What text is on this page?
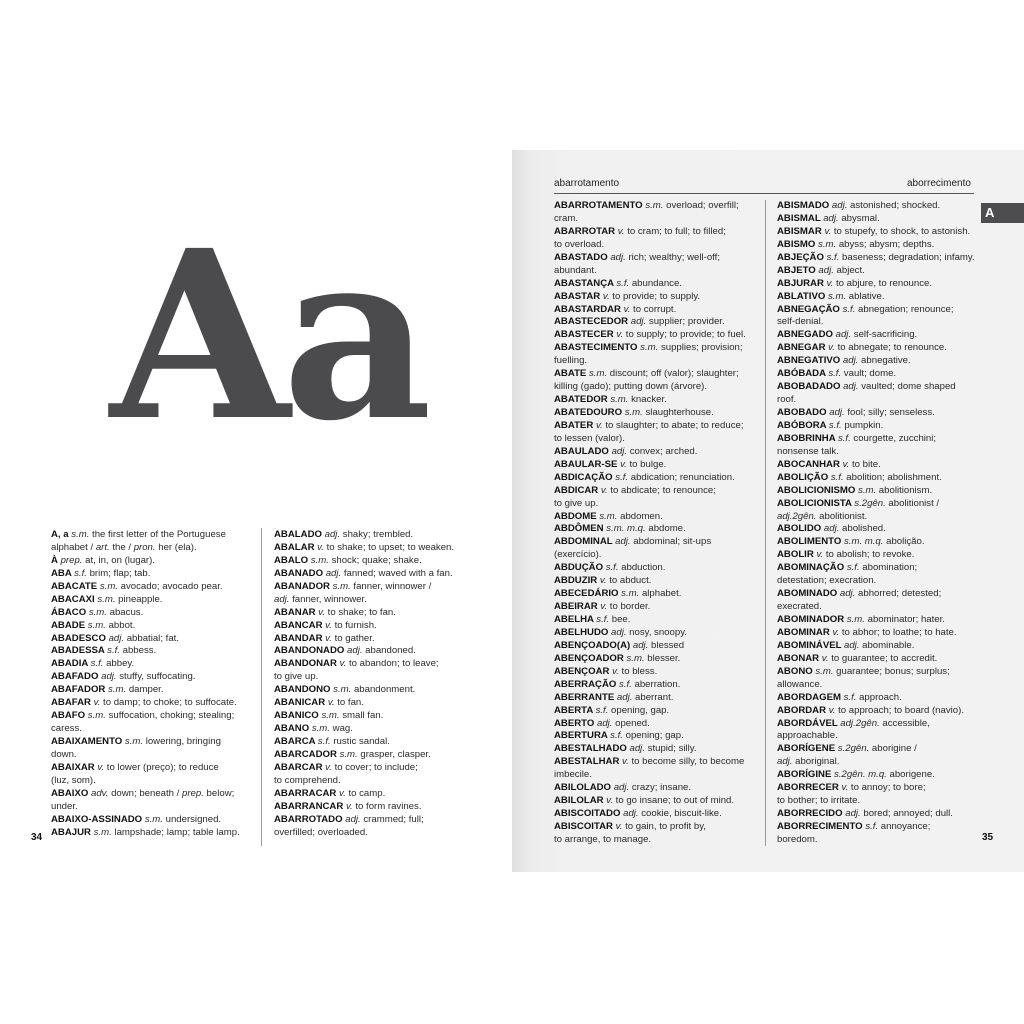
Aa
A, a s.m. the first letter of the Portuguese
alphabet / art. the / pron. her (ela).
À prep. at, in, on (lugar).
ABA s.f. brim; flap; tab.
ABACATE s.m. avocado; avocado pear.
ABACAXI s.m. pineapple.
ÁBACO s.m. abacus.
ABADE s.m. abbot.
ABADESCO adj. abbatial; fat.
ABADESSA s.f. abbess.
ABADIA s.f. abbey.
ABAFADO adj. stuffy, suffocating.
ABAFADOR s.m. damper.
ABAFAR v. to damp; to choke; to suffocate.
ABAFO s.m. suffocation, choking; stealing;
caress.
ABAIXAMENTO s.m. lowering, bringing
down.
ABAIXAR v. to lower (preço); to reduce
(luz, som).
ABAIXO adv. down; beneath / prep. below;
under.
ABAIXO-ASSINADO s.m. undersigned.
ABAJUR s.m. lampshade; lamp; table lamp.
ABALADO adj. shaky; trembled.
ABALAR v. to shake; to upset; to weaken.
ABALO s.m. shock; quake; shake.
ABANADO adj. fanned; waved with a fan.
ABANADOR s.m. fanner, winnower /
adj. fanner, winnower.
ABANAR v. to shake; to fan.
ABANCAR v. to furnish.
ABANDAR v. to gather.
ABANDONADO adj. abandoned.
ABANDONAR v. to abandon; to leave;
to give up.
ABANDONO s.m. abandonment.
ABANICAR v. to fan.
ABANICO s.m. small fan.
ABANO s.m. wag.
ABARCA s.f. rustic sandal.
ABARCADOR s.m. grasper, clasper.
ABARCAR v. to cover; to include;
to comprehend.
ABARRACAR v. to camp.
ABARRANCAR v. to form ravines.
ABARROTADO adj. crammed; full;
overfilled; overloaded.
34
abarrotamento	aborrecimento
A
ABARROTAMENTO s.m. overload; overfill;
cram.
ABARROTAR v. to cram; to full; to filled;
to overload.
ABASTADO adj. rich; wealthy; well-off;
abundant.
ABASTANÇA s.f. abundance.
ABASTAR v. to provide; to supply.
ABASTARDAR v. to corrupt.
ABASTECEDOR adj. supplier; provider.
ABASTECER v. to supply; to provide; to fuel.
ABASTECIMENTO s.m. supplies; provision;
fuelling.
ABATE s.m. discount; off (valor); slaughter;
killing (gado); putting down (árvore).
ABATEDOR s.m. knacker.
ABATEDOURO s.m. slaughterhouse.
ABATER v. to slaughter; to abate; to reduce;
to lessen (valor).
ABAULADO adj. convex; arched.
ABAULAR-SE v. to bulge.
ABDICAÇÃO s.f. abdication; renunciation.
ABDICAR v. to abdicate; to renounce;
to give up.
ABDOME s.m. abdomen.
ABDÔMEN s.m. m.q. abdome.
ABDOMINAL adj. abdominal; sit-ups
(exercício).
ABDUÇÃO s.f. abduction.
ABDUZIR v. to abduct.
ABECEDÁRIO s.m. alphabet.
ABEIRAR v. to border.
ABELHA s.f. bee.
ABELHUDO adj. nosy, snoopy.
ABENÇOADO(A) adj. blessed
ABENÇOADOR s.m. blesser.
ABENÇOAR v. to bless.
ABERRAÇÃO s.f. aberration.
ABERRANTE adj. aberrant.
ABERTA s.f. opening, gap.
ABERTO adj. opened.
ABERTURA s.f. opening; gap.
ABESTALHADO adj. stupid; silly.
ABESTALHAR v. to become silly, to become
imbecile.
ABILOLADO adj. crazy; insane.
ABILOLAR v. to go insane; to out of mind.
ABISCOITADO adj. cookie, biscuit-like.
ABISCOITAR v. to gain, to profit by,
to arrange, to manage.
ABISMADO adj. astonished; shocked.
ABISMAL adj. abysmal.
ABISMAR v. to stupefy, to shock, to astonish.
ABISMO s.m. abyss; abysm; depths.
ABJEÇÃO s.f. baseness; degradation; infamy.
ABJETO adj. abject.
ABJURAR v. to abjure, to renounce.
ABLATIVO s.m. ablative.
ABNEGAÇÃO s.f. abnegation; renounce;
self-denial.
ABNEGADO adj. self-sacrificing.
ABNEGAR v. to abnegate; to renounce.
ABNEGATIVO adj. abnegative.
ABÓBADA s.f. vault; dome.
ABOBADADO adj. vaulted; dome shaped
roof.
ABOBADO adj. fool; silly; senseless.
ABÓBORA s.f. pumpkin.
ABOBRINHA s.f. courgette, zucchini;
nonsense talk.
ABOCANHAR v. to bite.
ABOLIÇÃO s.f. abolition; abolishment.
ABOLICIONISMO s.m. abolitionism.
ABOLICIONISTA s.2gên. abolitionist /
adj.2gên. abolitionist.
ABOLIDO adj. abolished.
ABOLIMENTO s.m. m.q. abolição.
ABOLIR v. to abolish; to revoke.
ABOMINAÇÃO s.f. abomination;
detestation; execration.
ABOMINADO adj. abhorred; detested;
execrated.
ABOMINADOR s.m. abominator; hater.
ABOMINAR v. to abhor; to loathe; to hate.
ABOMINÁVEL adj. abominable.
ABONAR v. to guarantee; to accredit.
ABONO s.m. guarantee; bonus; surplus;
allowance.
ABORDAGEM s.f. approach.
ABORDAR v. to approach; to board (navio).
ABORDÁVEL adj.2gên. accessible,
approachable.
ABORÍGENE s.2gên. aborigine /
adj. aboriginal.
ABORÍGINE s.2gên. m.q. aborigene.
ABORRECER v. to annoy; to bore;
to bother; to irritate.
ABORRECIDO adj. bored; annoyed; dull.
ABORRECIMENTO s.f. annoyance;
boredom.	35
